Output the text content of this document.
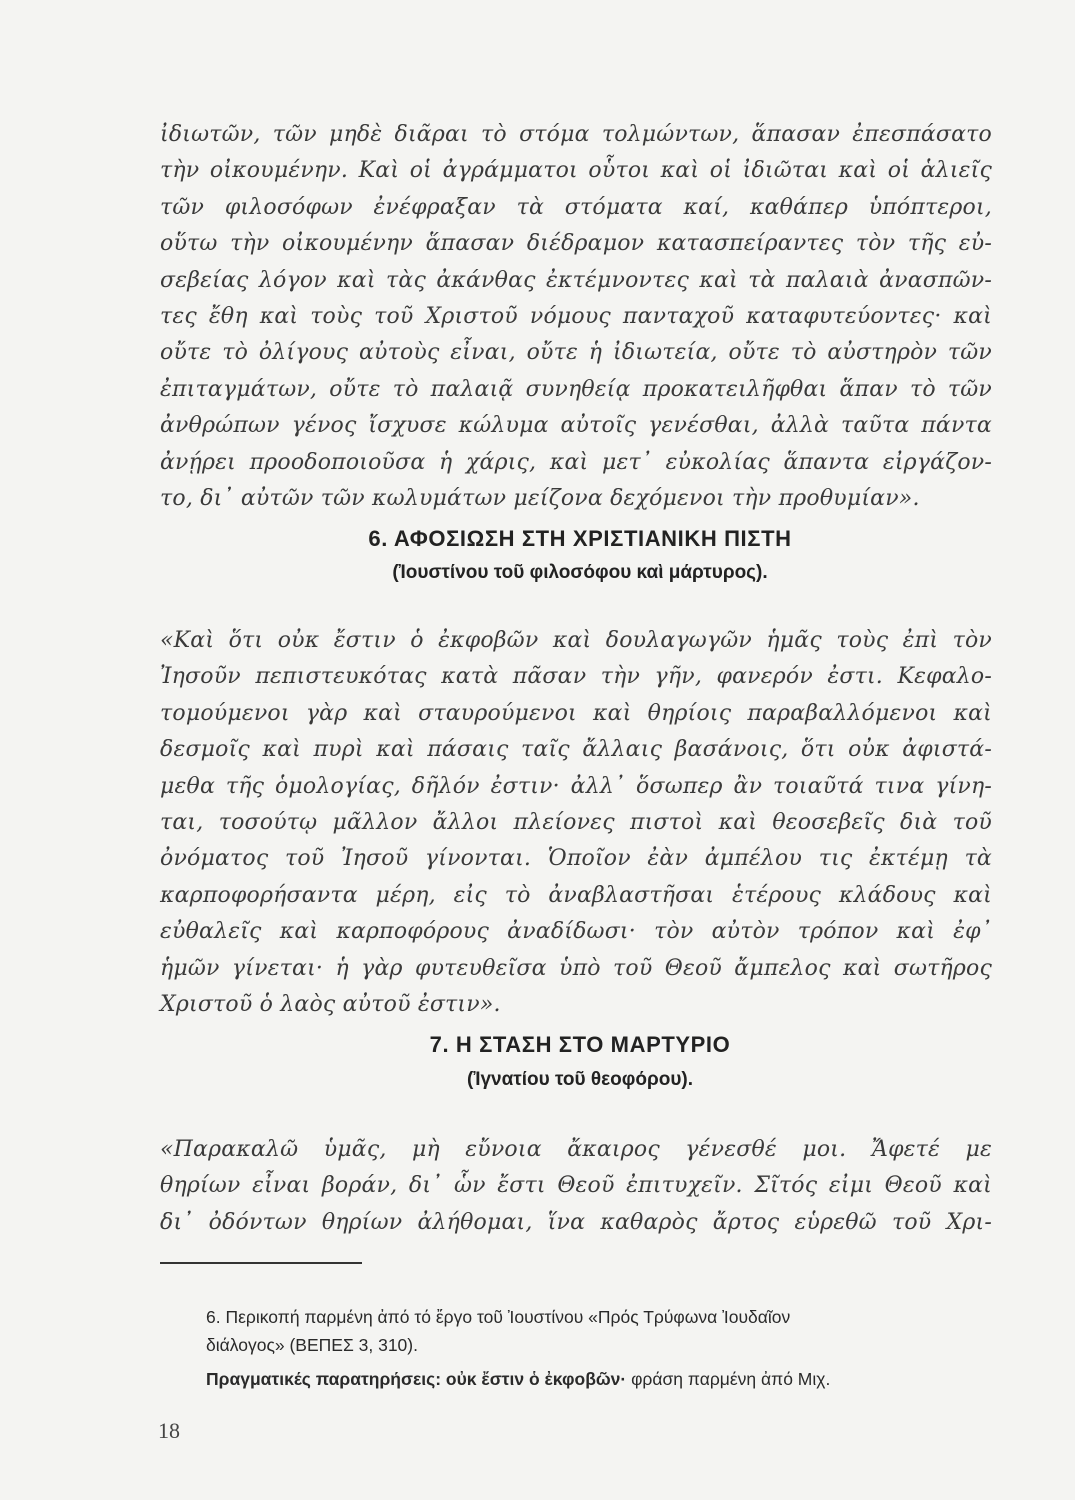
ἰδιωτῶν, τῶν μηδὲ διᾶραι τὸ στόμα τολμώντων, ἅπασαν ἐπεσπάσατο
τὴν οἰκουμένην. Καὶ οἱ ἀγράμματοι οὗτοι καὶ οἱ ἰδιῶται καὶ οἱ ἁλιεῖς
τῶν φιλοσόφων ἐνέφραξαν τὰ στόματα καί, καθάπερ ὑπόπτεροι,
οὕτω τὴν οἰκουμένην ἅπασαν διέδραμον κατασπείραντες τὸν τῆς εὐ-
σεβείας λόγον καὶ τὰς ἀκάνθας ἐκτέμνοντες καὶ τὰ παλαιὰ ἀνασπῶν-
τες ἔθη καὶ τοὺς τοῦ Χριστοῦ νόμους πανταχοῦ καταφυτεύοντες· καὶ
οὔτε τὸ ὀλίγους αὐτοὺς εἶναι, οὔτε ἡ ἰδιωτεία, οὔτε τὸ αὐστηρὸν τῶν
ἐπιταγμάτων, οὔτε τὸ παλαιᾷ συνηθείᾳ προκατειλῆφθαι ἅπαν τὸ τῶν
ἀνθρώπων γένος ἴσχυσε κώλυμα αὐτοῖς γενέσθαι, ἀλλὰ ταῦτα πάντα
ἀνῄρει προοδοποιοῦσα ἡ χάρις, καὶ μετ᾽ εὐκολίας ἅπαντα εἰργάζον-
το, δι᾽ αὐτῶν τῶν κωλυμάτων μείζονα δεχόμενοι τὴν προθυμίαν».
6. ΑΦΟΣΙΩΣΗ ΣΤΗ ΧΡΙΣΤΙΑΝΙΚΗ ΠΙΣΤΗ
(Ἰουστίνου τοῦ φιλοσόφου καὶ μάρτυρος).
«Καὶ ὅτι οὐκ ἔστιν ὁ ἐκφοβῶν καὶ δουλαγωγῶν ἡμᾶς τοὺς ἐπὶ τὸν
Ἰησοῦν πεπιστευκότας κατὰ πᾶσαν τὴν γῆν, φανερόν ἐστι. Κεφαλο-
τομούμενοι γὰρ καὶ σταυρούμενοι καὶ θηρίοις παραβαλλόμενοι καὶ
δεσμοῖς καὶ πυρὶ καὶ πάσαις ταῖς ἄλλαις βασάνοις, ὅτι οὐκ ἀφιστά-
μεθα τῆς ὁμολογίας, δῆλόν ἐστιν· ἀλλ᾽ ὅσωπερ ἂν τοιαῦτά τινα γίνη-
ται, τοσούτῳ μᾶλλον ἄλλοι πλείονες πιστοὶ καὶ θεοσεβεῖς διὰ τοῦ
ὀνόματος τοῦ Ἰησοῦ γίνονται. Ὁποῖον ἐὰν ἀμπέλου τις ἐκτέμῃ τὰ
καρποφορήσαντα μέρη, εἰς τὸ ἀναβλαστῆσαι ἑτέρους κλάδους καὶ
εὐθαλεῖς καὶ καρποφόρους ἀναδίδωσι· τὸν αὐτὸν τρόπον καὶ ἐφ᾽
ἡμῶν γίνεται· ἡ γὰρ φυτευθεῖσα ὑπὸ τοῦ Θεοῦ ἄμπελος καὶ σωτῆρος
Χριστοῦ ὁ λαὸς αὐτοῦ ἐστιν».
7. Η ΣΤΑΣΗ ΣΤΟ ΜΑΡΤΥΡΙΟ
(Ἰγνατίου τοῦ θεοφόρου).
«Παρακαλῶ ὑμᾶς, μὴ εὔνοια ἄκαιρος γένεσθέ μοι. Ἄφετέ με
θηρίων εἶναι βοράν, δι᾽ ὧν ἔστι Θεοῦ ἐπιτυχεῖν. Σῖτός εἰμι Θεοῦ καὶ
δι᾽ ὀδόντων θηρίων ἀλήθομαι, ἵνα καθαρὸς ἄρτος εὑρεθῶ τοῦ Χρι-
6. Περικοπή παρμένη ἀπό τό ἔργο τοῦ Ἰουστίνου «Πρός Τρύφωνα Ἰουδαῖον
διάλογος» (ΒΕΠΕΣ 3, 310).
Πραγματικές παρατηρήσεις: οὐκ ἔστιν ὁ ἐκφοβῶν· φράση παρμένη ἀπό Μιχ.
18
